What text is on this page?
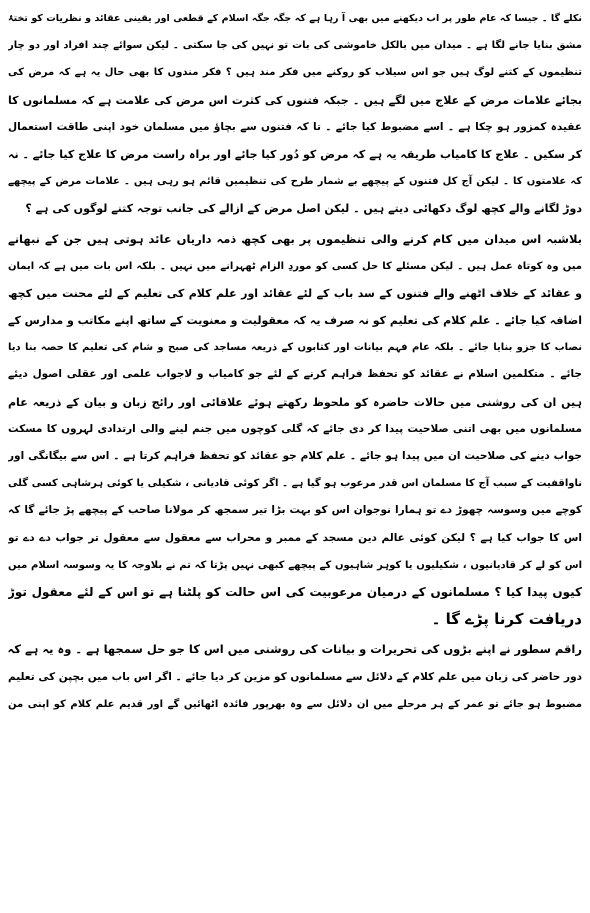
نکلے گا ۔ جیسا کہ عام طور پر اب دیکھنے میں بھی آ رہا ہے کہ جگہ جگہ اسلام کے قطعی اور یقینی عقائد و نظریات کو تختۂ
مشق بنایا جانے لگا ہے ۔ میدان میں بالکل خاموشی کی بات تو نہیں کی جا سکتی ۔ لیکن سوائے چند افراد اور دو چار
تنظیموں کے کتنے لوگ ہیں جو اس سیلاب کو روکنے میں فکر مند ہیں ؟ فکر مندوں کا بھی حال یہ ہے کہ مرض کی
بجائے علامات مرض کے علاج میں لگے ہیں ۔ جبکہ فتنوں کی کثرت اس مرض کی علامت ہے کہ مسلمانوں کا
عقیدہ کمزور ہو چکا ہے ۔ اسے مضبوط کیا جائے ۔ تا کہ فتنوں سے بچاؤ میں مسلمان خود اپنی طاقت استعمال
کر سکیں ۔ علاج کا کامیاب طریقہ یہ ہے کہ مرض کو دُور کیا جائے اور براہ راست مرض کا علاج کیا جائے ۔ نہ
کہ علامتوں کا ۔ لیکن آج کل فتنوں کے پیچھے بے شمار طرح کی تنظیمیں قائم ہو رہی ہیں ۔ علامات مرض کے پیچھے
دوڑ لگانے والے کچھ لوگ دکھائی دیتے ہیں ۔ لیکن اصل مرض کے ازالے کی جانب توجہ کتنے لوگوں کی ہے ؟
بلاشبہ اس میدان میں کام کرنے والی تنظیموں پر بھی کچھ ذمہ داریاں عائد ہوتی ہیں جن کے نبھانے
میں وہ کوتاہ عمل ہیں ۔ لیکن مسئلے کا حل کسی کو موردِ الزام ٹھہرانے میں نہیں ۔ بلکہ اس بات میں ہے کہ ایمان
و عقائد کے خلاف اٹھنے والے فتنوں کے سد باب کے لئے عقائد اور علم کلام کی تعلیم کے لئے محنت میں کچھ
اضافہ کیا جائے ۔ علم کلام کی تعلیم کو نہ صرف یہ کہ معقولیت و معنویت کے ساتھ اپنے مکاتب و مدارس کے
نصاب کا جزو بنایا جائے ۔ بلکہ عام فہم بیانات اور کتابوں کے ذریعہ مساجد کی صبح و شام کی تعلیم کا حصہ بنا دیا
جائے ۔ متکلمین اسلام نے عقائد کو تحفظ فراہم کرنے کے لئے جو کامیاب و لاجواب علمی اور عقلی اصول دیئے
ہیں ان کی روشنی میں حالات حاضرہ کو ملحوظ رکھتے ہوئے علاقائی اور رائج زبان و بیان کے ذریعہ عام
مسلمانوں میں بھی اتنی صلاحیت پیدا کر دی جائے کہ گلی کوچوں میں جنم لینے والی ارتدادی لہروں کا مسکت
جواب دینے کی صلاحیت ان میں پیدا ہو جائے ۔ علم کلام جو عقائد کو تحفظ فراہم کرتا ہے ۔ اس سے بیگانگی اور
ناواقفیت کے سبب آج کا مسلمان اس قدر مرعوب ہو گیا ہے ۔ اگر کوئی قادیانی ، شکیلی یا کوئی ہرشاہی کسی گلی
کوچے میں وسوسہ چھوڑ دے تو ہمارا نوجوان اس کو بہت بڑا تیر سمجھ کر مولانا صاحب کے پیچھے پڑ جائے گا کہ
اس کا جواب کیا ہے ؟ لیکن کوئی عالم دین مسجد کے ممبر و محراب سے معقول سے معقول تر جواب دے دے تو
اس کو لے کر قادیانیوں ، شکیلیوں یا کوہر شاہیوں کے پیچھے کبھی نہیں پڑتا کہ تم نے بلاوجہ کا یہ وسوسہ اسلام میں
کیوں پیدا کیا ؟ مسلمانوں کے درمیان مرعوبیت کی اس حالت کو پلٹنا ہے تو اس کے لئے معقول توڑ
دریافت کرنا پڑے گا ۔
راقم سطور نے اپنے بڑوں کی تحریرات و بیانات کی روشنی میں اس کا جو حل سمجھا ہے ۔ وہ یہ ہے کہ
دور حاضر کی زبان میں علم کلام کے دلائل سے مسلمانوں کو مزین کر دیا جائے ۔ اگر اس باب میں بچپن کی تعلیم
مضبوط ہو جائے تو عمر کے ہر مرحلے میں ان دلائل سے وہ بھرپور فائدہ اٹھائیں گے اور قدیم علم کلام کو اپنی من
